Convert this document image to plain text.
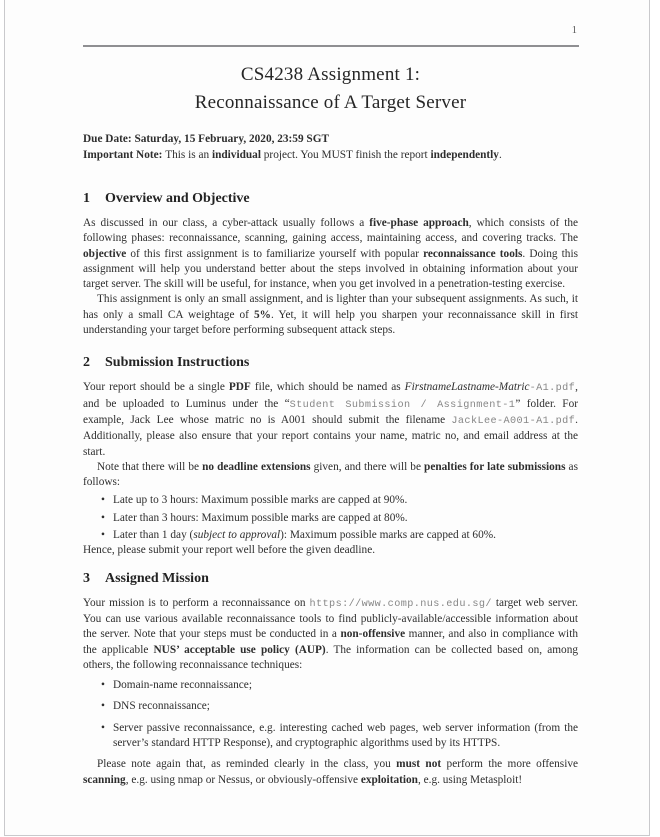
1
CS4238 Assignment 1:
Reconnaissance of A Target Server
Due Date: Saturday, 15 February, 2020, 23:59 SGT
Important Note: This is an individual project. You MUST finish the report independently.
1 Overview and Objective

As discussed in our class, a cyber-attack usually follows a five-phase approach, which consists of the following phases: reconnaissance, scanning, gaining access, maintaining access, and covering tracks. The objective of this first assignment is to familiarize yourself with popular reconnaissance tools. Doing this assignment will help you understand better about the steps involved in obtaining information about your target server. The skill will be useful, for instance, when you get involved in a penetration-testing exercise.

This assignment is only an small assignment, and is lighter than your subsequent assignments. As such, it has only a small CA weightage of 5%. Yet, it will help you sharpen your reconnaissance skill in first understanding your target before performing subsequent attack steps.

2 Submission Instructions

Your report should be a single PDF file, which should be named as FirstnameLastname-Matric-A1.pdf, and be uploaded to Luminus under the “Student Submission / Assignment-1” folder. For example, Jack Lee whose matric no is A001 should submit the filename JackLee-A001-A1.pdf. Additionally, please also ensure that your report contains your name, matric no, and email address at the start.

Note that there will be no deadline extensions given, and there will be penalties for late submissions as follows:

• Late up to 3 hours: Maximum possible marks are capped at 90%.
• Later than 3 hours: Maximum possible marks are capped at 80%.
• Later than 1 day (subject to approval): Maximum possible marks are capped at 60%.

Hence, please submit your report well before the given deadline.

3 Assigned Mission

Your mission is to perform a reconnaissance on https://www.comp.nus.edu.sg/ target web server. You can use various available reconnaissance tools to find publicly-available/accessible information about the server. Note that your steps must be conducted in a non-offensive manner, and also in compliance with the applicable NUS’ acceptable use policy (AUP). The information can be collected based on, among others, the following reconnaissance techniques:

• Domain-name reconnaissance;
• DNS reconnaissance;
• Server passive reconnaissance, e.g. interesting cached web pages, web server information (from the server’s standard HTTP Response), and cryptographic algorithms used by its HTTPS.

Please note again that, as reminded clearly in the class, you must not perform the more offensive scanning, e.g. using nmap or Nessus, or obviously-offensive exploitation, e.g. using Metasploit!
